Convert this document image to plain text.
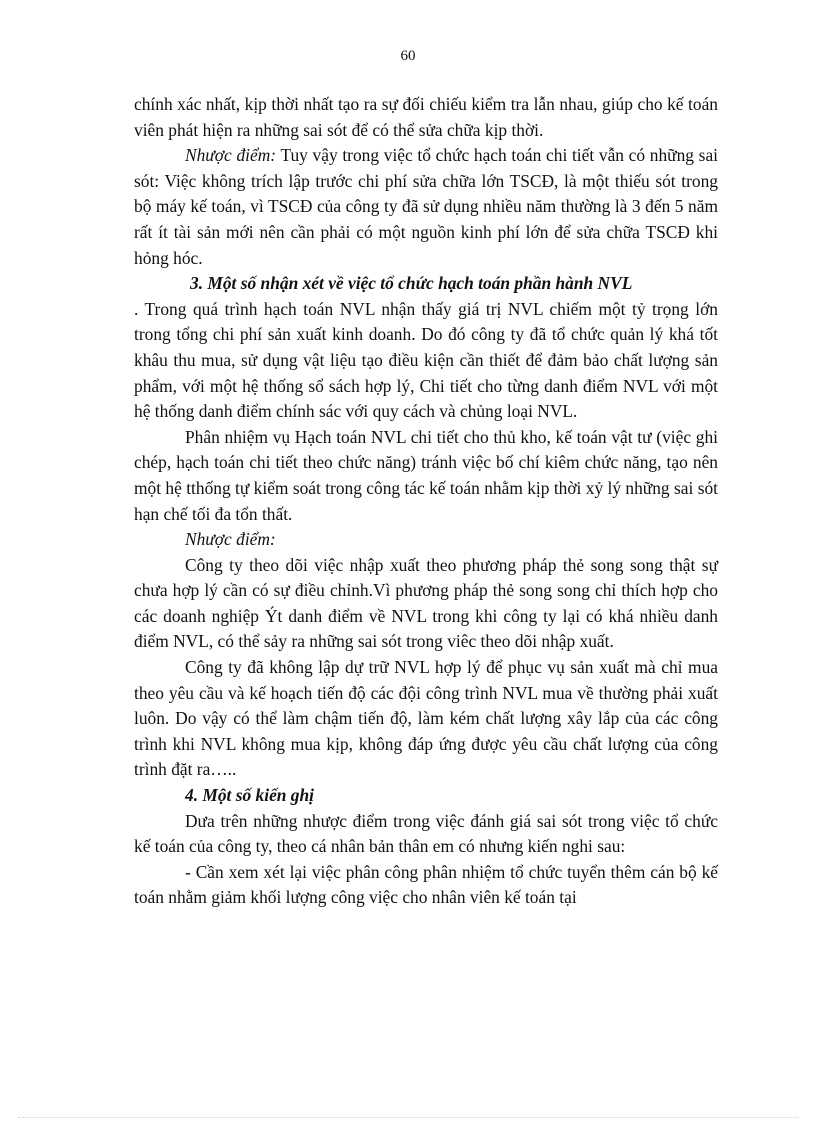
60

chính xác nhất, kịp thời nhất tạo ra sự đối chiếu kiểm tra lẫn nhau, giúp cho kế toán viên phát hiện ra những sai sót để có thể sửa chữa kịp thời.

Nhược điểm: Tuy vậy trong việc tổ chức hạch toán chi tiết vẫn có những sai sót: Việc không trích lập trước chi phí sửa chữa lớn TSCĐ, là một thiếu sót trong bộ máy kế toán, vì TSCĐ của công ty đã sử dụng nhiều năm thường là 3 đến 5 năm rất ít tài sản mới nên cần phải có một nguồn kinh phí lớn để sửa chữa TSCĐ khi hỏng hóc.

3. Một số nhận xét về việc tổ chức hạch toán phần hành NVL

. Trong quá trình hạch toán NVL nhận thấy giá trị NVL chiếm một tỷ trọng lớn trong tổng chi phí sản xuất kinh doanh. Do đó công ty đã tổ chức quản lý khá tốt khâu thu mua, sử dụng vật liệu tạo điều kiện cần thiết để đảm bảo chất lượng sản phẩm, với một hệ thống sổ sách hợp lý, Chi tiết cho từng danh điểm NVL với một hệ thống danh điểm chính sác với quy cách và chủng loại NVL.

Phân nhiệm vụ Hạch toán NVL chi tiết cho thủ kho, kế toán vật tư (việc ghi chép, hạch toán chi tiết theo chức năng) tránh việc bố chí kiêm chức năng, tạo nên một hệ tthống tự kiểm soát trong công tác kế toán nhằm kịp thời xỷ lý những sai sót hạn chế tối đa tổn thất.

Nhược điểm:

Công ty theo dõi việc nhập xuất theo phương pháp thẻ song song thật sự chưa hợp lý cần có sự điều chỉnh.Vì phương pháp thẻ song song chỉ thích hợp cho các doanh nghiệp Ýt danh điểm về NVL trong khi công ty lại có khá nhiều danh điểm NVL, có thể sảy ra những sai sót trong viêc theo dõi nhập xuất.

Công ty đã không lập dự trữ NVL hợp lý để phục vụ sản xuất mà chỉ mua theo yêu cầu và kế hoạch tiến độ các đội công trình NVL mua về thường phải xuất luôn. Do vậy có thể làm chậm tiến độ, làm kém chất lượng xây lắp của các công trình khi NVL không mua kịp, không đáp ứng được yêu cầu chất lượng của công trình đặt ra…..

4. Một số kiến ghị

Dưa trên những nhược điểm trong việc đánh giá sai sót trong việc tổ chức kế toán của công ty, theo cá nhân bản thân em có nhưng kiến nghi sau:

- Cần xem xét lại việc phân công phân nhiệm tổ chức tuyển thêm cán bộ kế toán nhằm giảm khối lượng công việc cho nhân viên kế toán tại
